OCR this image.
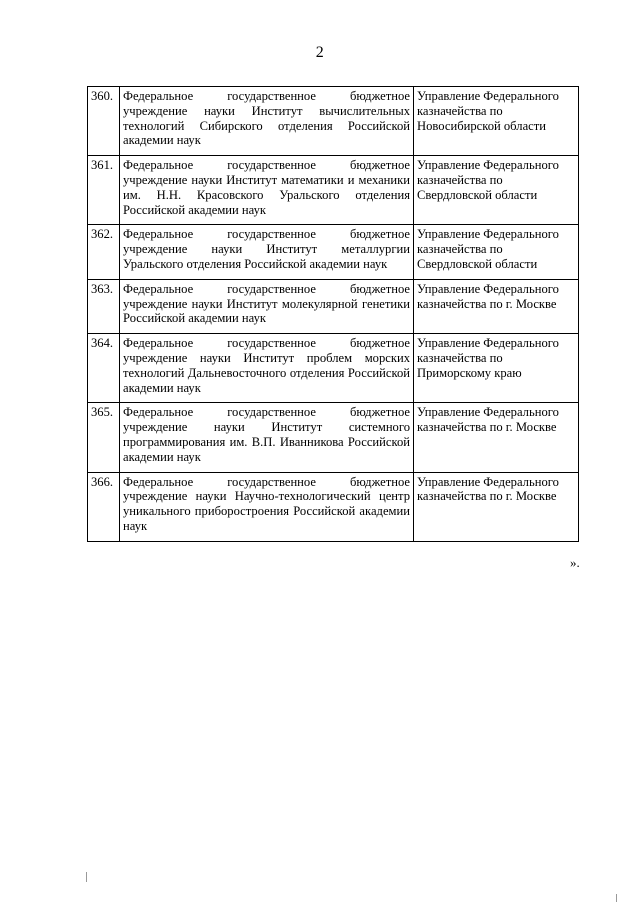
2
360.	Федеральное государственное бюджетное учреждение науки Институт вычислительных технологий Сибирского отделения Российской академии наук	Управление Федерального казначейства по Новосибирской области
361.	Федеральное государственное бюджетное учреждение науки Институт математики и механики им. Н.Н. Красовского Уральского отделения Российской академии наук	Управление Федерального казначейства по Свердловской области
362.	Федеральное государственное бюджетное учреждение науки Институт металлургии Уральского отделения Российской академии наук	Управление Федерального казначейства по Свердловской области
363.	Федеральное государственное бюджетное учреждение науки Институт молекулярной генетики Российской академии наук	Управление Федерального казначейства по г. Москве
364.	Федеральное государственное бюджетное учреждение науки Институт проблем морских технологий Дальневосточного отделения Российской академии наук	Управление Федерального казначейства по Приморскому краю
365.	Федеральное государственное бюджетное учреждение науки Институт системного программирования им. В.П. Иванникова Российской академии наук	Управление Федерального казначейства по г. Москве
366.	Федеральное государственное бюджетное учреждение науки Научно-технологический центр уникального приборостроения Российской академии наук	Управление Федерального казначейства по г. Москве
».
